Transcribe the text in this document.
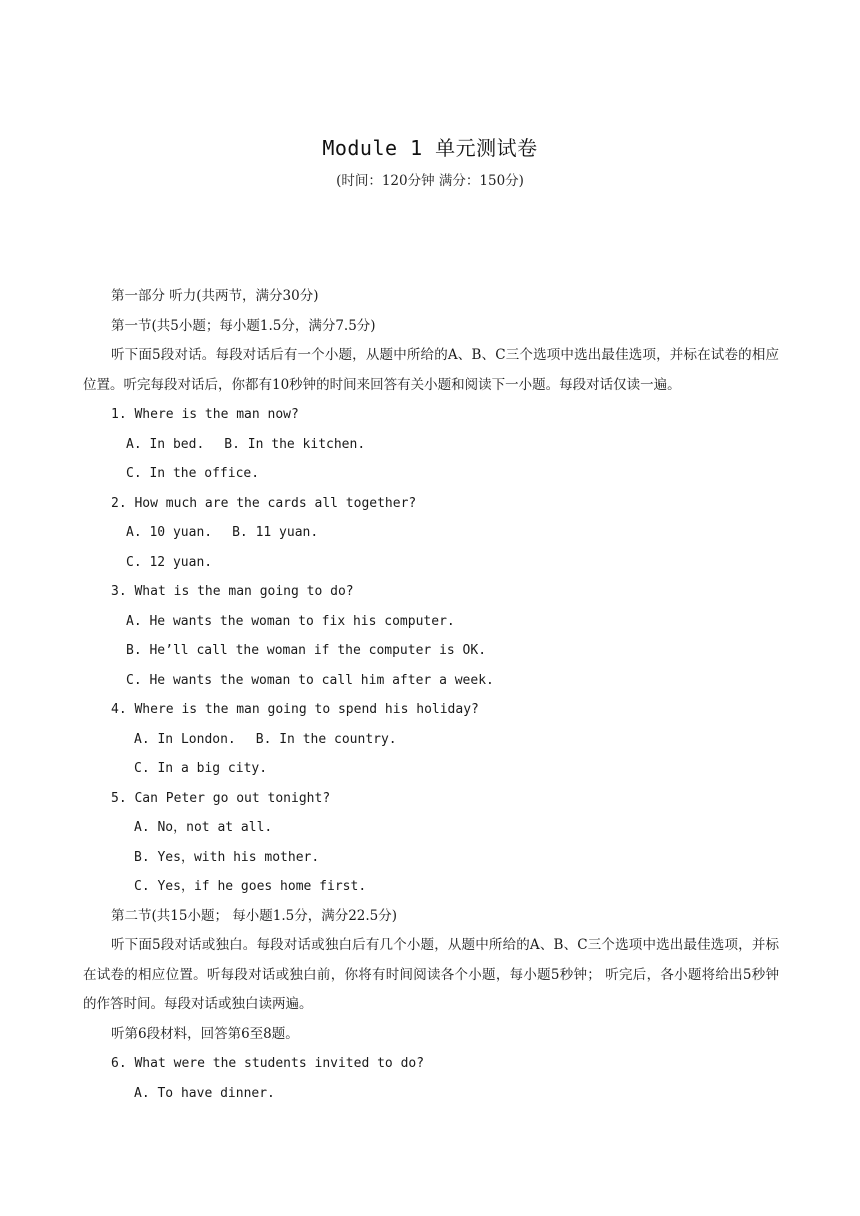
Module 1 单元测试卷
(时间：120分钟 满分：150分)
第一部分 听力(共两节，满分30分)
第一节(共5小题；每小题1.5分，满分7.5分)
听下面5段对话。每段对话后有一个小题，从题中所给的A、B、C三个选项中选出最佳选项，并标在试卷的相应位置。听完每段对话后，你都有10秒钟的时间来回答有关小题和阅读下一小题。每段对话仅读一遍。
1. Where is the man now?
A. In bed. B. In the kitchen.
C. In the office.
2. How much are the cards all together?
A. 10 yuan. B. 11 yuan.
C. 12 yuan.
3. What is the man going to do?
A. He wants the woman to fix his computer.
B. He’ll call the woman if the computer is OK.
C. He wants the woman to call him after a week.
4. Where is the man going to spend his holiday?
A. In London. B. In the country.
C. In a big city.
5. Can Peter go out tonight?
A. No，not at all.
B. Yes，with his mother.
C. Yes，if he goes home first.
第二节(共15小题； 每小题1.5分，满分22.5分)
听下面5段对话或独白。每段对话或独白后有几个小题，从题中所给的A、B、C三个选项中选出最佳选项，并标在试卷的相应位置。听每段对话或独白前，你将有时间阅读各个小题，每小题5秒钟； 听完后，各小题将给出5秒钟的作答时间。每段对话或独白读两遍。
听第6段材料，回答第6至8题。
6. What were the students invited to do?
A. To have dinner.
